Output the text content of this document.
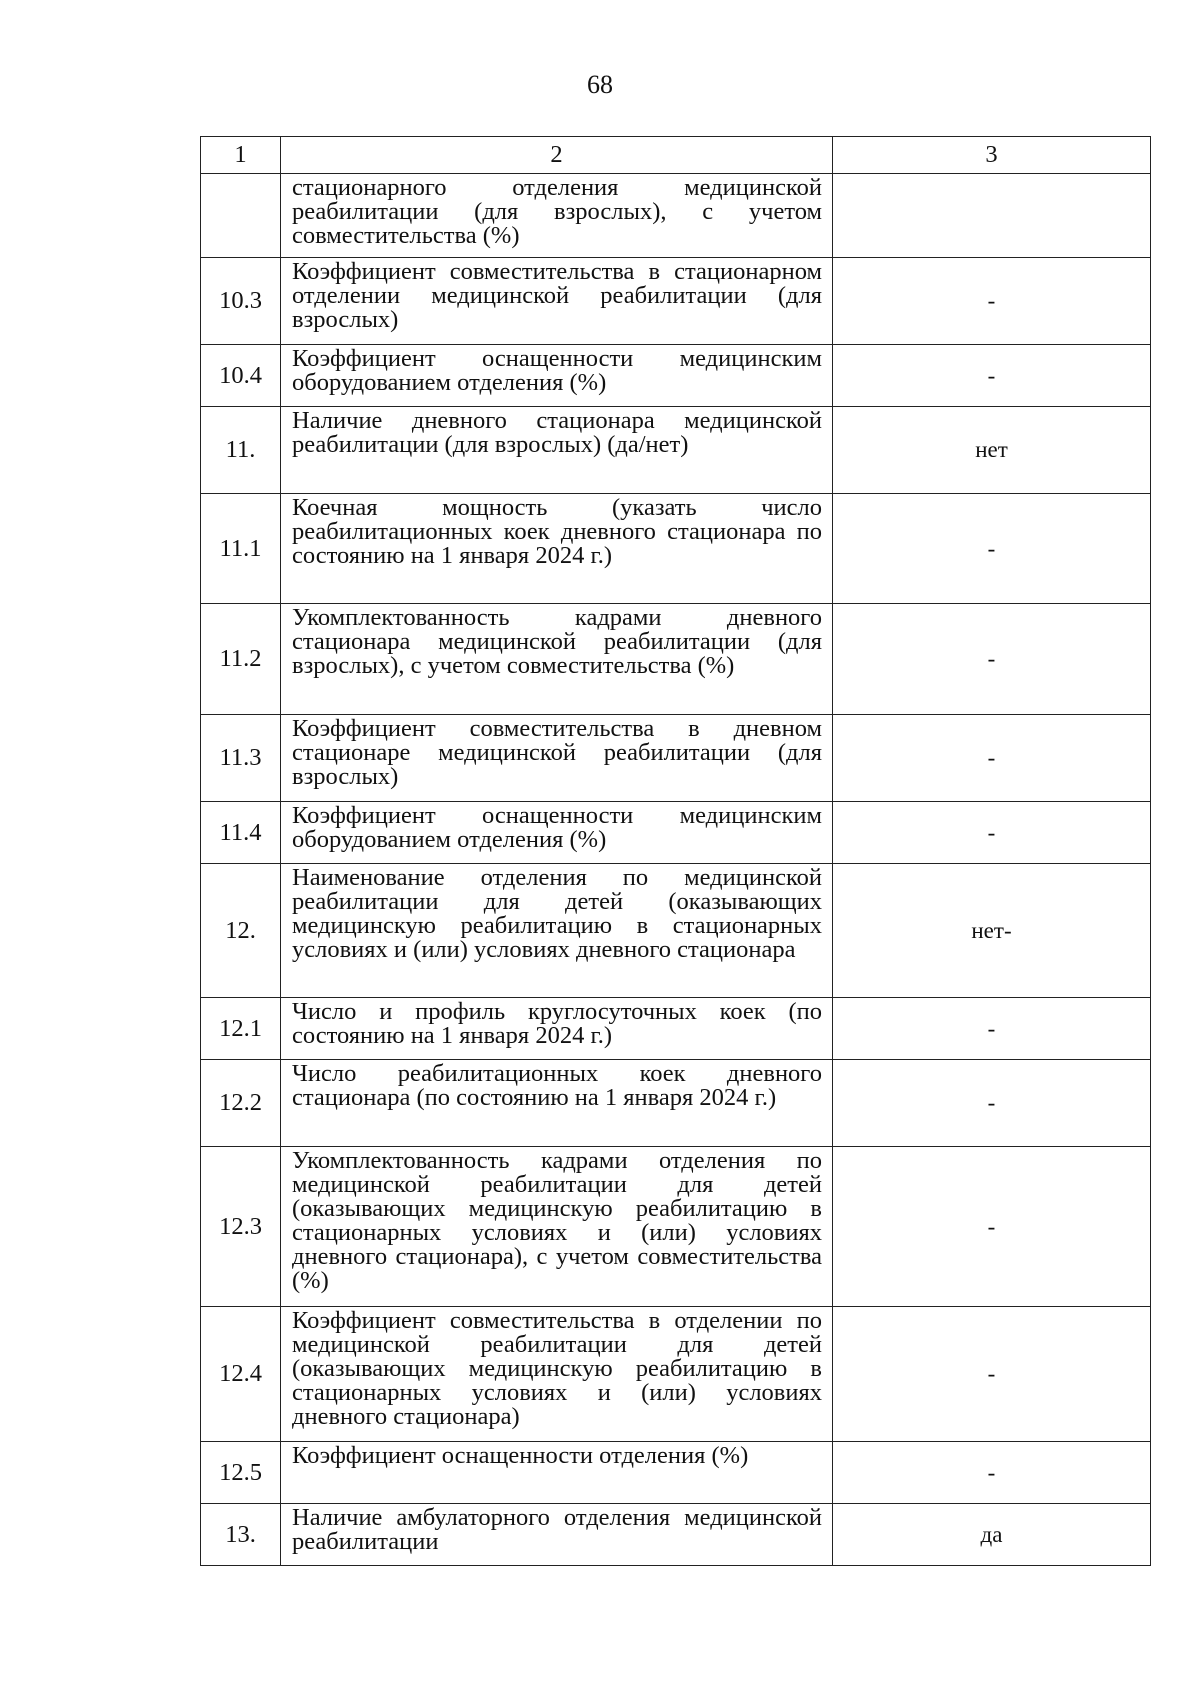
68
1	2	3
	стационарного отделения медицинской реабилитации (для взрослых), с учетом совместительства (%)	
10.3	Коэффициент совместительства в стационарном отделении медицинской реабилитации (для взрослых)	-
10.4	Коэффициент оснащенности медицинским оборудованием отделения (%)	-
11.	Наличие дневного стационара медицинской реабилитации (для взрослых) (да/нет)	нет
11.1	Коечная мощность (указать число реабилитационных коек дневного стационара по состоянию на 1 января 2024 г.)	-
11.2	Укомплектованность кадрами дневного стационара медицинской реабилитации (для взрослых), с учетом совместительства (%)	-
11.3	Коэффициент совместительства в дневном стационаре медицинской реабилитации (для взрослых)	-
11.4	Коэффициент оснащенности медицинским оборудованием отделения (%)	-
12.	Наименование отделения по медицинской реабилитации для детей (оказывающих медицинскую реабилитацию в стационарных условиях и (или) условиях дневного стационара	нет-
12.1	Число и профиль круглосуточных коек (по состоянию на 1 января 2024 г.)	-
12.2	Число реабилитационных коек дневного стационара (по состоянию на 1 января 2024 г.)	-
12.3	Укомплектованность кадрами отделения по медицинской реабилитации для детей (оказывающих медицинскую реабилитацию в стационарных условиях и (или) условиях дневного стационара), с учетом совместительства (%)	-
12.4	Коэффициент совместительства в отделении по медицинской реабилитации для детей (оказывающих медицинскую реабилитацию в стационарных условиях и (или) условиях дневного стационара)	-
12.5	Коэффициент оснащенности отделения (%)	-
13.	Наличие амбулаторного отделения медицинской реабилитации	да
